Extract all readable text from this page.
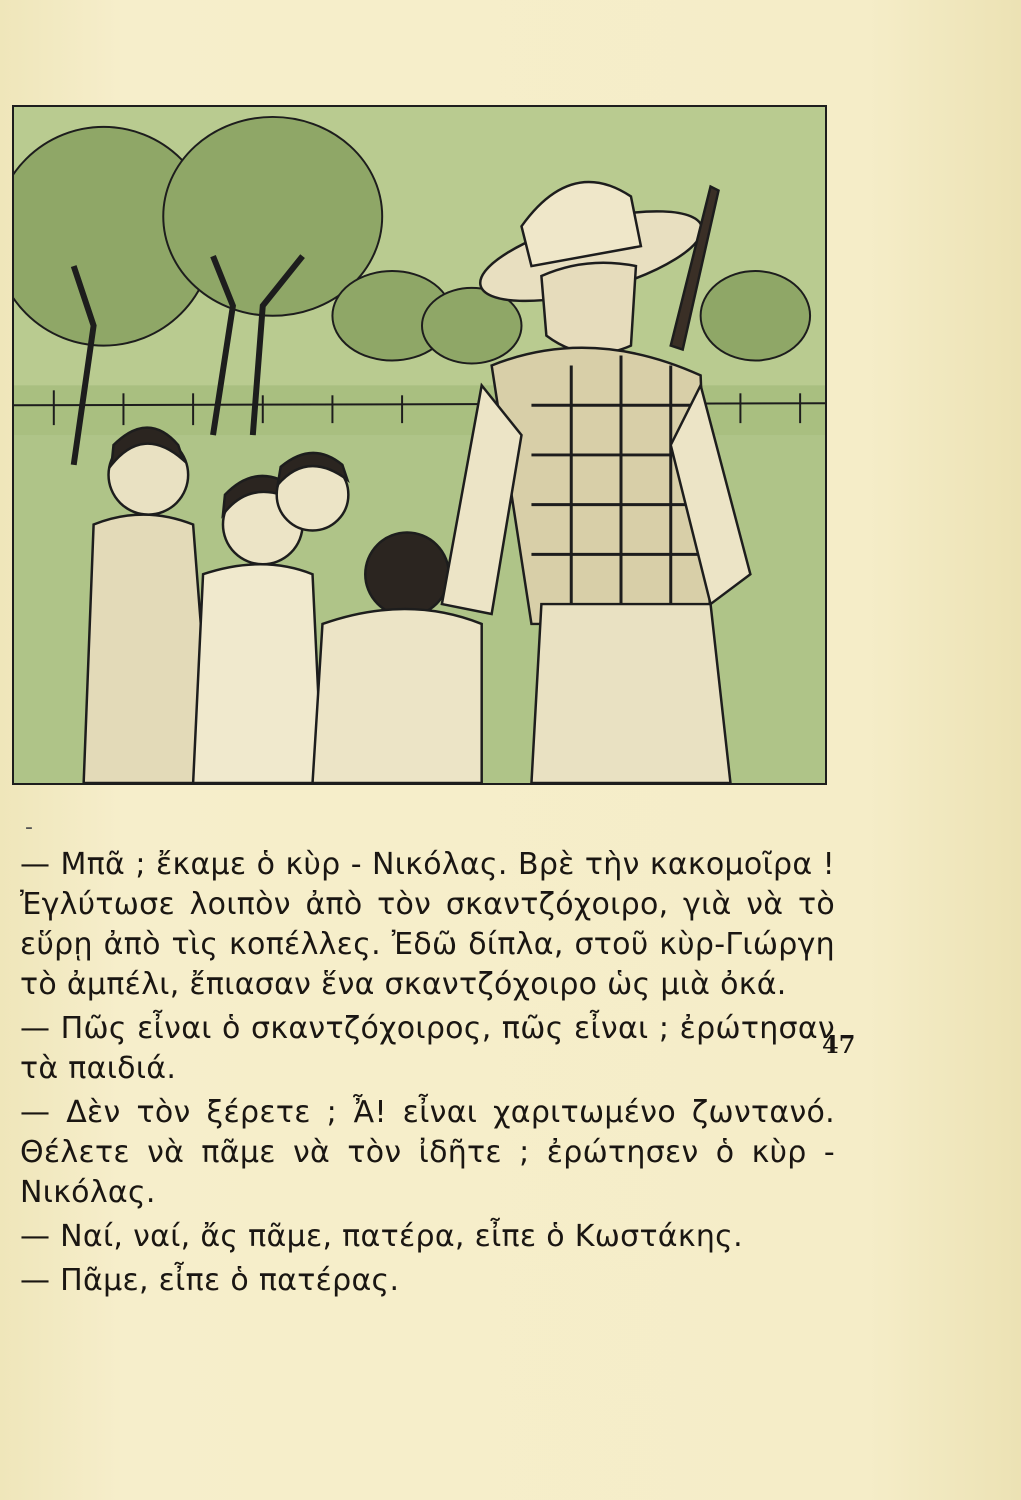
-

— Μπᾶ ; ἔκαμε ὁ κὺρ - Νικόλας. Βρὲ τὴν κακομοῖρα ! Ἐγλύτωσε λοιπὸν ἀπὸ τὸν σκαντζόχοιρο, γιὰ νὰ τὸ εὕρῃ ἀπὸ τὶς κοπέλλες. Ἐδῶ δίπλα, στοῦ κὺρ-Γιώργη τὸ ἀμπέλι, ἔπιασαν ἕνα σκαντζόχοιρο ὡς μιὰ ὀκά.

— Πῶς εἶναι ὁ σκαντζόχοιρος, πῶς εἶναι ; ἐρώτησαν τὰ παιδιά.

— Δὲν τὸν ξέρετε ; Ἆ! εἶναι χαριτωμένο ζωντανό. Θέλετε νὰ πᾶμε νὰ τὸν ἰδῆτε ; ἐρώτησεν ὁ κὺρ - Νικόλας.

— Ναί, ναί, ἄς πᾶμε, πατέρα, εἶπε ὁ Κωστάκης.

— Πᾶμε, εἶπε ὁ πατέρας.

47
